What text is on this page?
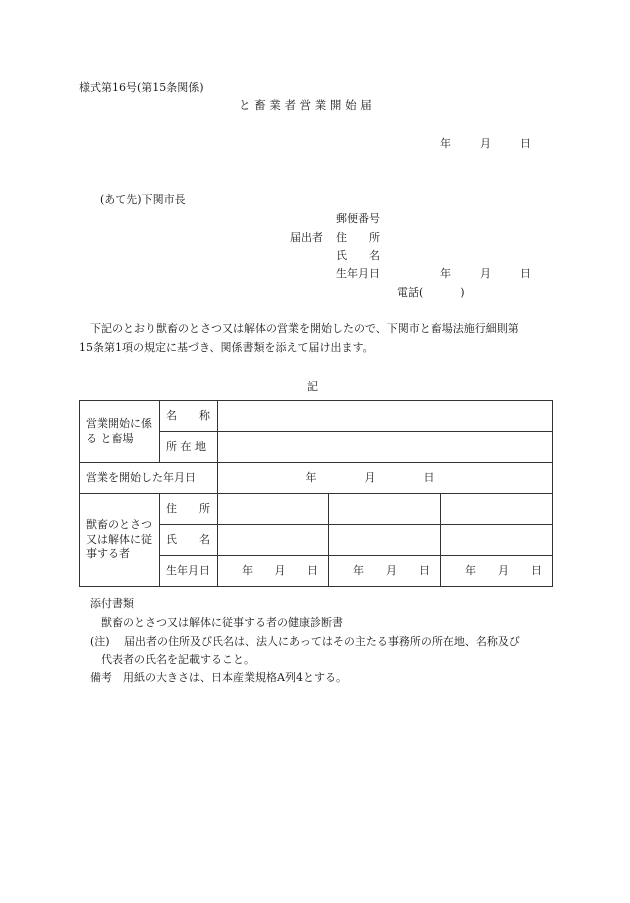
様式第16号(第15条関係)
と 畜 業 者 営 業 開 始 届
年	月	日
(あて先)下関市長
郵便番号
届出者 住　　所
氏　　名
生年月日	年	月	日
電話(	)
下記のとおり獣畜のとさつ又は解体の営業を開始したので、下関市と畜場法施行細則第
15条第1項の規定に基づき、関係書類を添えて届け出ます。
記
営業開始に係る と畜場	名　　称			
	所 在 地			
営業を開始した年月日		年 月 日		

獣畜のとさつ又は解体に従事する者	住　　所			
	氏　　名			
	生年月日	年 月 日	年 月 日	年 月 日
添付書類
獣畜のとさつ又は解体に従事する者の健康診断書
(注) 届出者の住所及び氏名は、法人にあってはその主たる事務所の所在地、名称及び
代表者の氏名を記載すること。
備考　用紙の大きさは、日本産業規格A列4とする。
